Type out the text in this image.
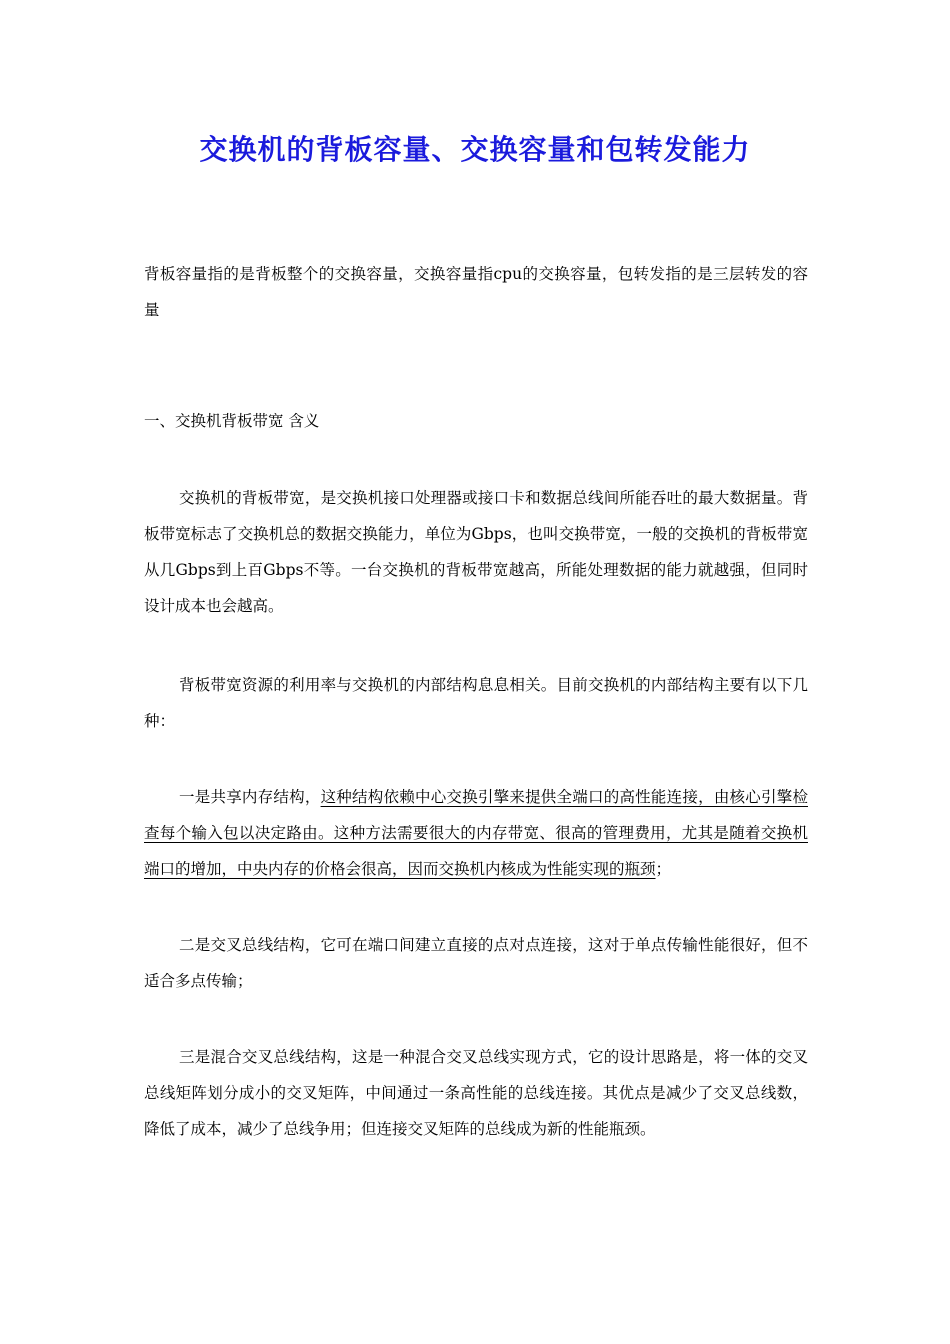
交换机的背板容量、交换容量和包转发能力
背板容量指的是背板整个的交换容量，交换容量指cpu的交换容量，包转发指的是三层转发的容量
一、交换机背板带宽 含义
交换机的背板带宽，是交换机接口处理器或接口卡和数据总线间所能吞吐的最大数据量。背板带宽标志了交换机总的数据交换能力，单位为Gbps，也叫交换带宽，一般的交换机的背板带宽从几Gbps到上百Gbps不等。一台交换机的背板带宽越高，所能处理数据的能力就越强，但同时设计成本也会越高。
背板带宽资源的利用率与交换机的内部结构息息相关。目前交换机的内部结构主要有以下几种：
一是共享内存结构，这种结构依赖中心交换引擎来提供全端口的高性能连接，由核心引擎检查每个输入包以决定路由。这种方法需要很大的内存带宽、很高的管理费用，尤其是随着交换机端口的增加，中央内存的价格会很高，因而交换机内核成为性能实现的瓶颈；
二是交叉总线结构，它可在端口间建立直接的点对点连接，这对于单点传输性能很好，但不适合多点传输；
三是混合交叉总线结构，这是一种混合交叉总线实现方式，它的设计思路是，将一体的交叉总线矩阵划分成小的交叉矩阵，中间通过一条高性能的总线连接。其优点是减少了交叉总线数，降低了成本，减少了总线争用；但连接交叉矩阵的总线成为新的性能瓶颈。
